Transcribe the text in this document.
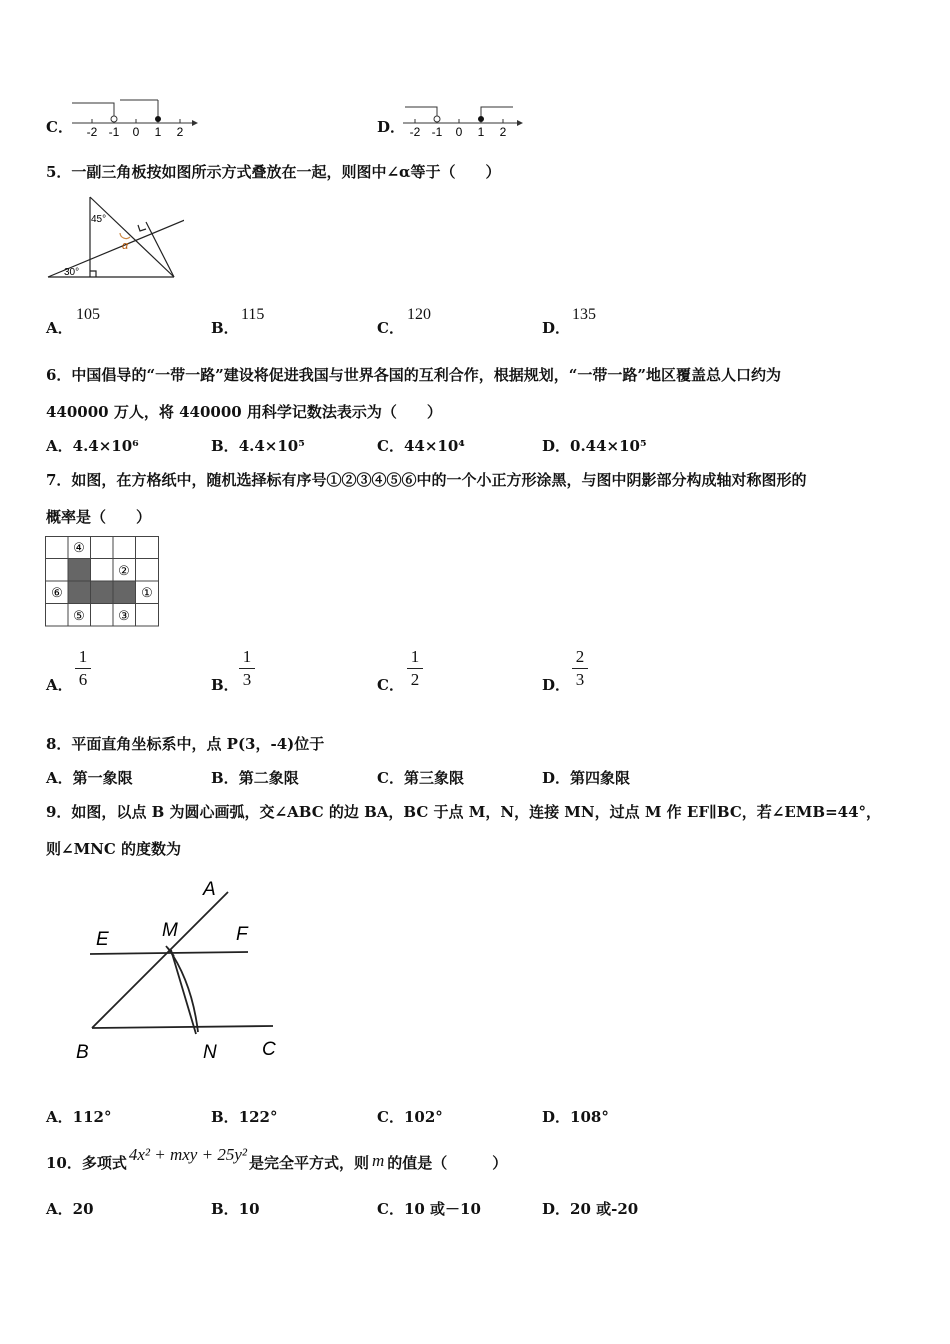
C． -2 -1 0 1 2	D． -2 -1 0 1 2
5．一副三角板按如图所示方式叠放在一起，则图中∠α等于（　　）
45°
30°
α
A．
105
B．
115
C．
120
D．
135
6．中国倡导的“一带一路”建设将促进我国与世界各国的互利合作，根据规划，“一带一路”地区覆盖总人口约为
440000 万人，将 440000 用科学记数法表示为（　　）
A．4.4×10⁶	B．4.4×10⁵	C．44×10⁴	D．0.44×10⁵
7．如图，在方格纸中，随机选择标有序号①②③④⑤⑥中的一个小正方形涂黑，与图中阴影部分构成轴对称图形的
概率是（　　）
④
②
⑥	①
⑤	③
A．
1
6	B．
1
3	C．
1
2	D．
2
3
8．平面直角坐标系中，点 P(3，-4)位于
A．第一象限	B．第二象限	C．第三象限	D．第四象限
9．如图，以点 B 为圆心画弧，交∠ABC 的边 BA，BC 于点 M，N，连接 MN，过点 M 作 EF∥BC，若∠EMB=44°，
则∠MNC 的度数为
A
E	M	F
B	N C
A．112°	B．122°	C．102°	D．108°
10．多项式 4x² + mxy + 25y² 是完全平方式，则 m 的值是（　　　）
A．20	B．10	C．10 或－10	D．20 或-20
